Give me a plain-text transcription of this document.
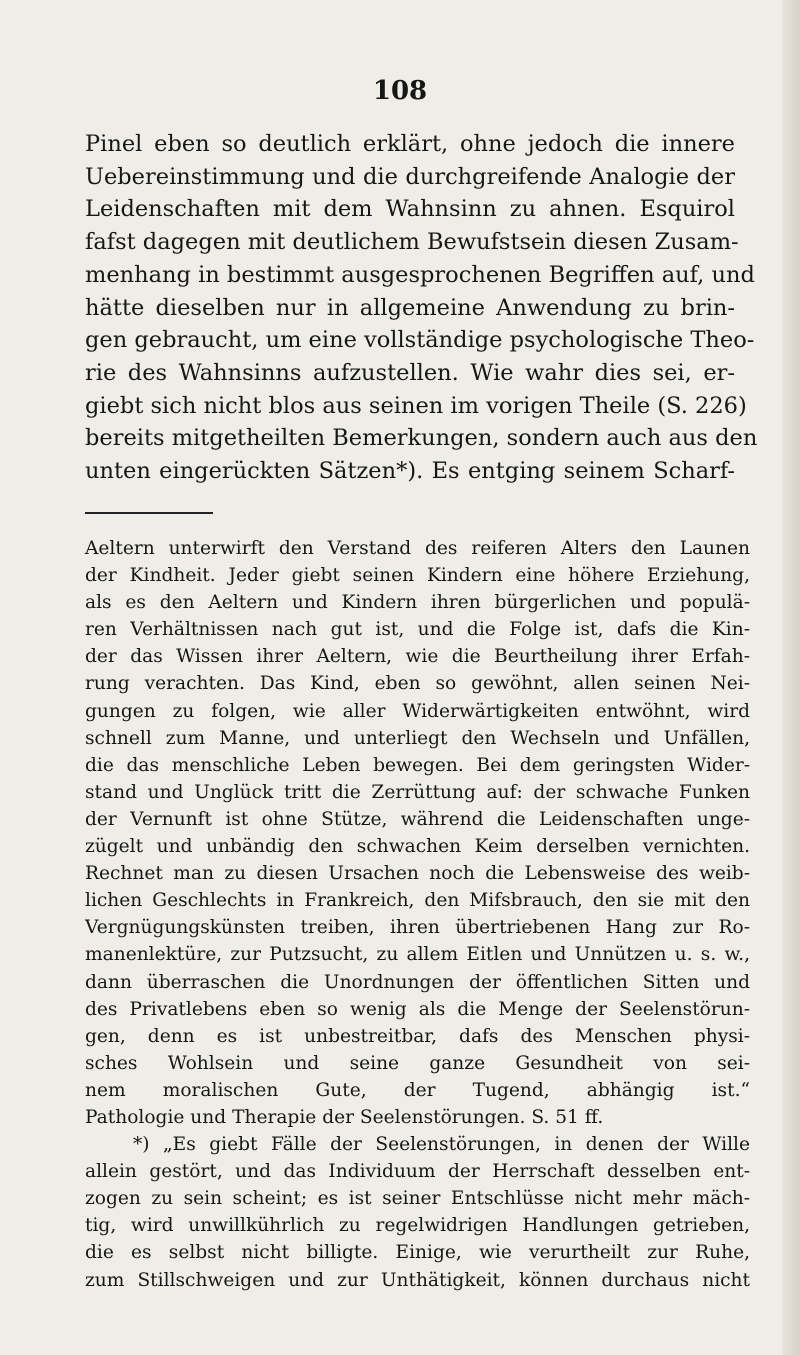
108
Pinel eben so deutlich erklärt, ohne jedoch die innere
Uebereinstimmung und die durchgreifende Analogie der
Leidenschaften mit dem Wahnsinn zu ahnen. Esquirol
fafst dagegen mit deutlichem Bewufstsein diesen Zusam-
menhang in bestimmt ausgesprochenen Begriffen auf, und
hätte dieselben nur in allgemeine Anwendung zu brin-
gen gebraucht, um eine vollständige psychologische Theo-
rie des Wahnsinns aufzustellen. Wie wahr dies sei, er-
giebt sich nicht blos aus seinen im vorigen Theile (S. 226)
bereits mitgetheilten Bemerkungen, sondern auch aus den
unten eingerückten Sätzen*). Es entging seinem Scharf-
Aeltern unterwirft den Verstand des reiferen Alters den Launen
der Kindheit. Jeder giebt seinen Kindern eine höhere Erziehung,
als es den Aeltern und Kindern ihren bürgerlichen und populä-
ren Verhältnissen nach gut ist, und die Folge ist, dafs die Kin-
der das Wissen ihrer Aeltern, wie die Beurtheilung ihrer Erfah-
rung verachten. Das Kind, eben so gewöhnt, allen seinen Nei-
gungen zu folgen, wie aller Widerwärtigkeiten entwöhnt, wird
schnell zum Manne, und unterliegt den Wechseln und Unfällen,
die das menschliche Leben bewegen. Bei dem geringsten Wider-
stand und Unglück tritt die Zerrüttung auf: der schwache Funken
der Vernunft ist ohne Stütze, während die Leidenschaften unge-
zügelt und unbändig den schwachen Keim derselben vernichten.
Rechnet man zu diesen Ursachen noch die Lebensweise des weib-
lichen Geschlechts in Frankreich, den Mifsbrauch, den sie mit den
Vergnügungskünsten treiben, ihren übertriebenen Hang zur Ro-
manenlektüre, zur Putzsucht, zu allem Eitlen und Unnützen u. s. w.,
dann überraschen die Unordnungen der öffentlichen Sitten und
des Privatlebens eben so wenig als die Menge der Seelenstörun-
gen, denn es ist unbestreitbar, dafs des Menschen physi-
sches Wohlsein und seine ganze Gesundheit von sei-
nem moralischen Gute, der Tugend, abhängig ist.“
Pathologie und Therapie der Seelenstörungen. S. 51 ff.
*) „Es giebt Fälle der Seelenstörungen, in denen der Wille
allein gestört, und das Individuum der Herrschaft desselben ent-
zogen zu sein scheint; es ist seiner Entschlüsse nicht mehr mäch-
tig, wird unwillkührlich zu regelwidrigen Handlungen getrieben,
die es selbst nicht billigte. Einige, wie verurtheilt zur Ruhe,
zum Stillschweigen und zur Unthätigkeit, können durchaus nicht
